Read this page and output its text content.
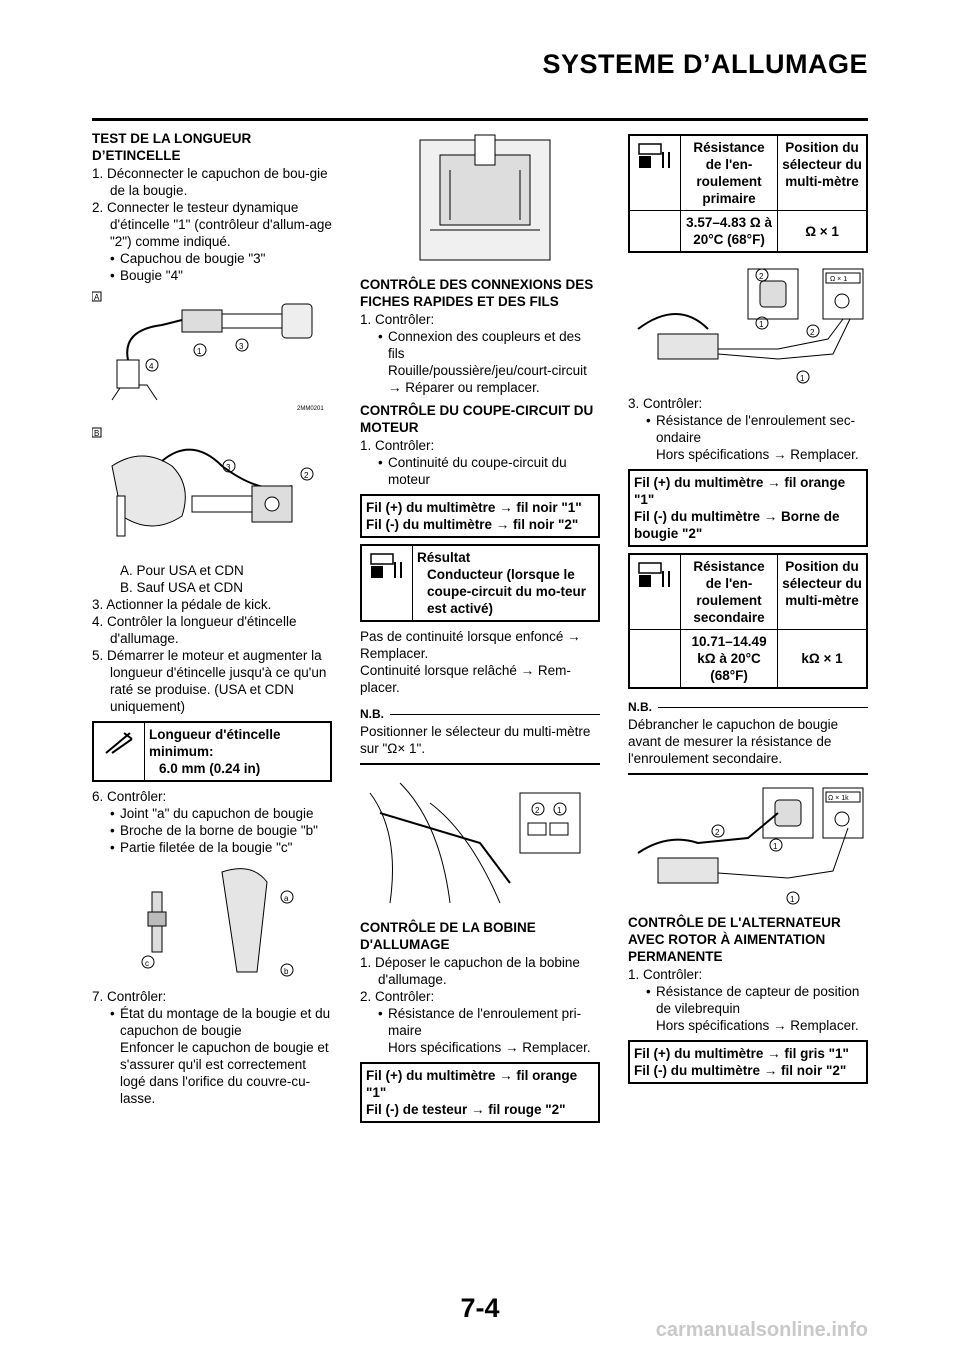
SYSTEME D’ALLUMAGE
TEST DE LA LONGUEUR D’ETINCELLE

1. Déconnecter le capuchon de bou-gie de la bougie.

2. Connecter le testeur dynamique d'étincelle "1" (contrôleur d'allum-age "2") comme indiqué.

• Capuchou de bougie "3"

• Bougie "4"

A
4
1
3
2MM0201
B
3
2

A. Pour USA et CDN

B. Sauf USA et CDN

3. Actionner la pédale de kick.

4. Contrôler la longueur d'étincelle d'allumage.

5. Démarrer le moteur et augmenter la longueur d'étincelle jusqu'à ce qu'un raté se produise. (USA et CDN uniquement)

Longueur d'étincelle minimum:
6.0 mm (0.24 in)

6. Contrôler:

• Joint "a" du capuchon de bougie

• Broche de la borne de bougie "b"

• Partie filetée de la bougie "c"

c
a
b

7. Contrôler:

• État du montage de la bougie et du capuchon de bougie

Enfoncer le capuchon de bougie et s'assurer qu'il est correctement logé dans l'orifice du couvre-cu-lasse.

CONTRÔLE DES CONNEXIONS DES FICHES RAPIDES ET DES FILS

1. Contrôler:

• Connexion des coupleurs et des fils

Rouille/poussière/jeu/court-circuit → Réparer ou remplacer.

CONTRÔLE DU COUPE-CIRCUIT DU MOTEUR

1. Contrôler:

• Continuité du coupe-circuit du moteur

Fil (+) du multimètre → fil noir "1"
Fil (-) du multimètre → fil noir "2"
Résultat
Conducteur (lorsque le coupe-circuit du mo-teur est activé)

Pas de continuité lorsque enfoncé → Remplacer.

Continuité lorsque relâché → Rem-placer.

N.B.
Positionner le sélecteur du multi-mètre sur "Ω× 1".
2 1
CONTRÔLE DE LA BOBINE D'ALLUMAGE

1. Déposer le capuchon de la bobine d'allumage.

2. Contrôler:

• Résistance de l'enroulement pri-maire

Hors spécifications → Remplacer.

Fil (+) du multimètre → fil orange "1"
Fil (-) de testeur → fil rouge "2"
Résistance de l'en-roulement primaire
Position du sélecteur du multi-mètre
3.57–4.83 Ω à 20°C (68°F)
Ω × 1
Ω × 1
2
1
2
1

3. Contrôler:

• Résistance de l'enroulement sec-ondaire

Hors spécifications → Remplacer.

Fil (+) du multimètre → fil orange "1"
Fil (-) du multimètre → Borne de bougie "2"
Résistance de l'en-roulement secondaire
Position du sélecteur du multi-mètre
10.71–14.49 kΩ à 20°C (68°F)
kΩ × 1
N.B.
Débrancher le capuchon de bougie avant de mesurer la résistance de l'enroulement secondaire.
Ω × 1k
2
1
1
CONTRÔLE DE L'ALTERNATEUR AVEC ROTOR À AIMENTATION PERMANENTE

1. Contrôler:

• Résistance de capteur de position de vilebrequin

Hors spécifications → Remplacer.

Fil (+) du multimètre → fil gris "1"
Fil (-) du multimètre → fil noir "2"
7-4
carmanualsonline.info
